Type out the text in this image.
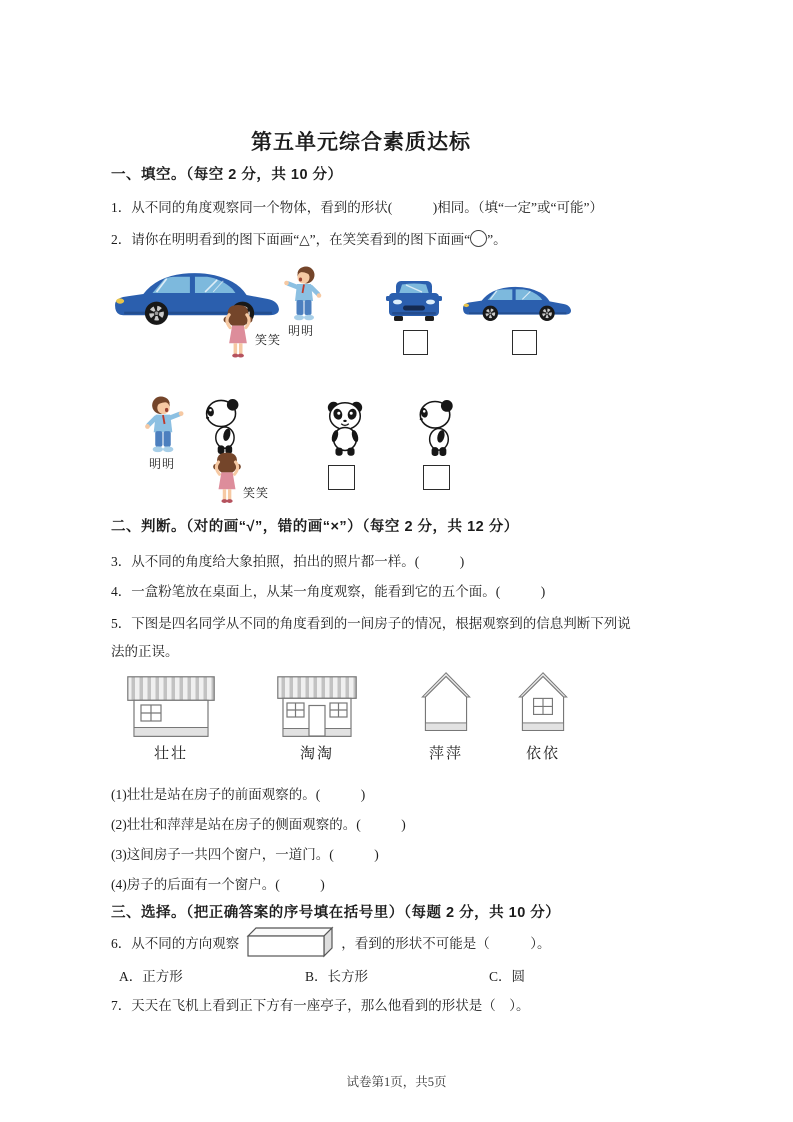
第五单元综合素质达标
一、填空。（每空 2 分，共 10 分）
1．从不同的角度观察同一个物体，看到的形状(　　　)相同。（填“一定”或“可能”）
2．请你在明明看到的图下面画“△”，在笑笑看到的图下面画“ ”。
笑笑
明明
明明
笑笑
二、判断。（对的画“√”，错的画“×”）（每空 2 分，共 12 分）
3．从不同的角度给大象拍照，拍出的照片都一样。(　　　)
4．一盒粉笔放在桌面上，从某一角度观察，能看到它的五个面。(　　　)
5．下图是四名同学从不同的角度看到的一间房子的情况，根据观察到的信息判断下列说法的正误。
壮壮	淘淘	萍萍	依依
(1)壮壮是站在房子的前面观察的。(　　　)
(2)壮壮和萍萍是站在房子的侧面观察的。(　　　)
(3)这间房子一共四个窗户，一道门。(　　　)
(4)房子的后面有一个窗户。(　　　)
三、选择。（把正确答案的序号填在括号里）（每题 2 分，共 10 分）
6．从不同的方向观察	，看到的形状不可能是（　　　）。
A．正方形	B．长方形	C．圆
7．天天在飞机上看到正下方有一座亭子，那么他看到的形状是（　）。
试卷第1页，共5页
